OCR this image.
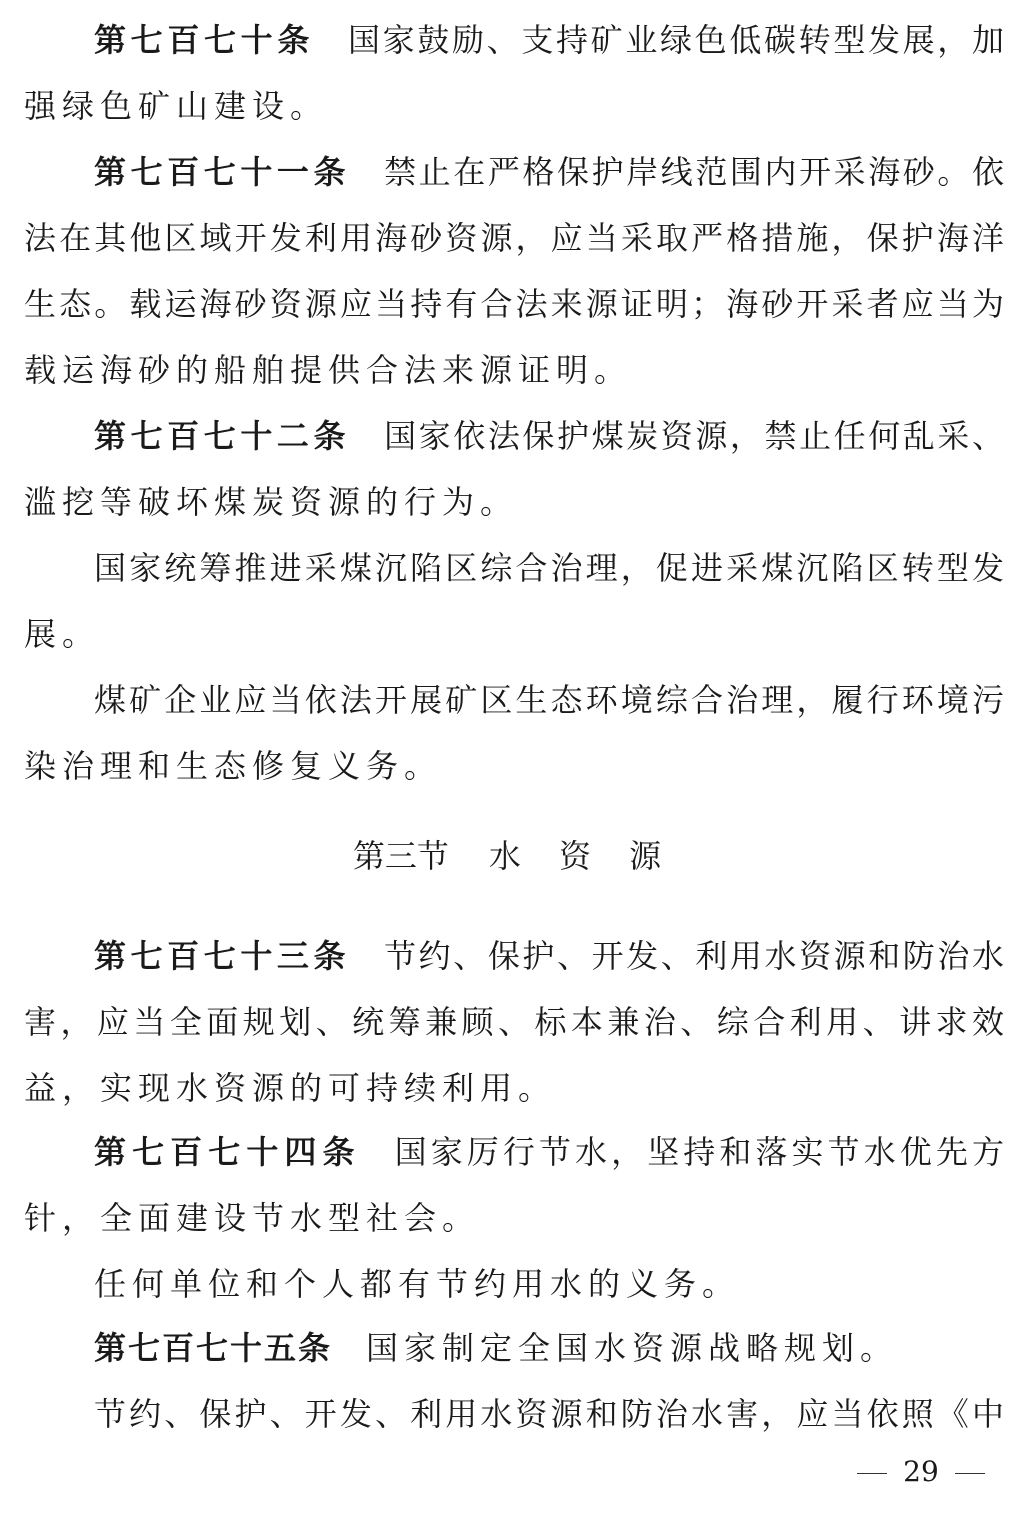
第七百七十条 国家鼓励、支持矿业绿色低碳转型发展，加
强绿色矿山建设。
第七百七十一条 禁止在严格保护岸线范围内开采海砂。依
法在其他区域开发利用海砂资源，应当采取严格措施，保护海洋
生态。载运海砂资源应当持有合法来源证明；海砂开采者应当为
载运海砂的船舶提供合法来源证明。
第七百七十二条 国家依法保护煤炭资源，禁止任何乱采、
滥挖等破坏煤炭资源的行为。
国家统筹推进采煤沉陷区综合治理，促进采煤沉陷区转型发
展。
煤矿企业应当依法开展矿区生态环境综合治理，履行环境污
染治理和生态修复义务。
第三节 水 资 源
第七百七十三条 节约、保护、开发、利用水资源和防治水
害，应当全面规划、统筹兼顾、标本兼治、综合利用、讲求效
益，实现水资源的可持续利用。
第七百七十四条 国家厉行节水，坚持和落实节水优先方
针，全面建设节水型社会。
任何单位和个人都有节约用水的义务。
第七百七十五条 国家制定全国水资源战略规划。
节约、保护、开发、利用水资源和防治水害，应当依照《中
29
